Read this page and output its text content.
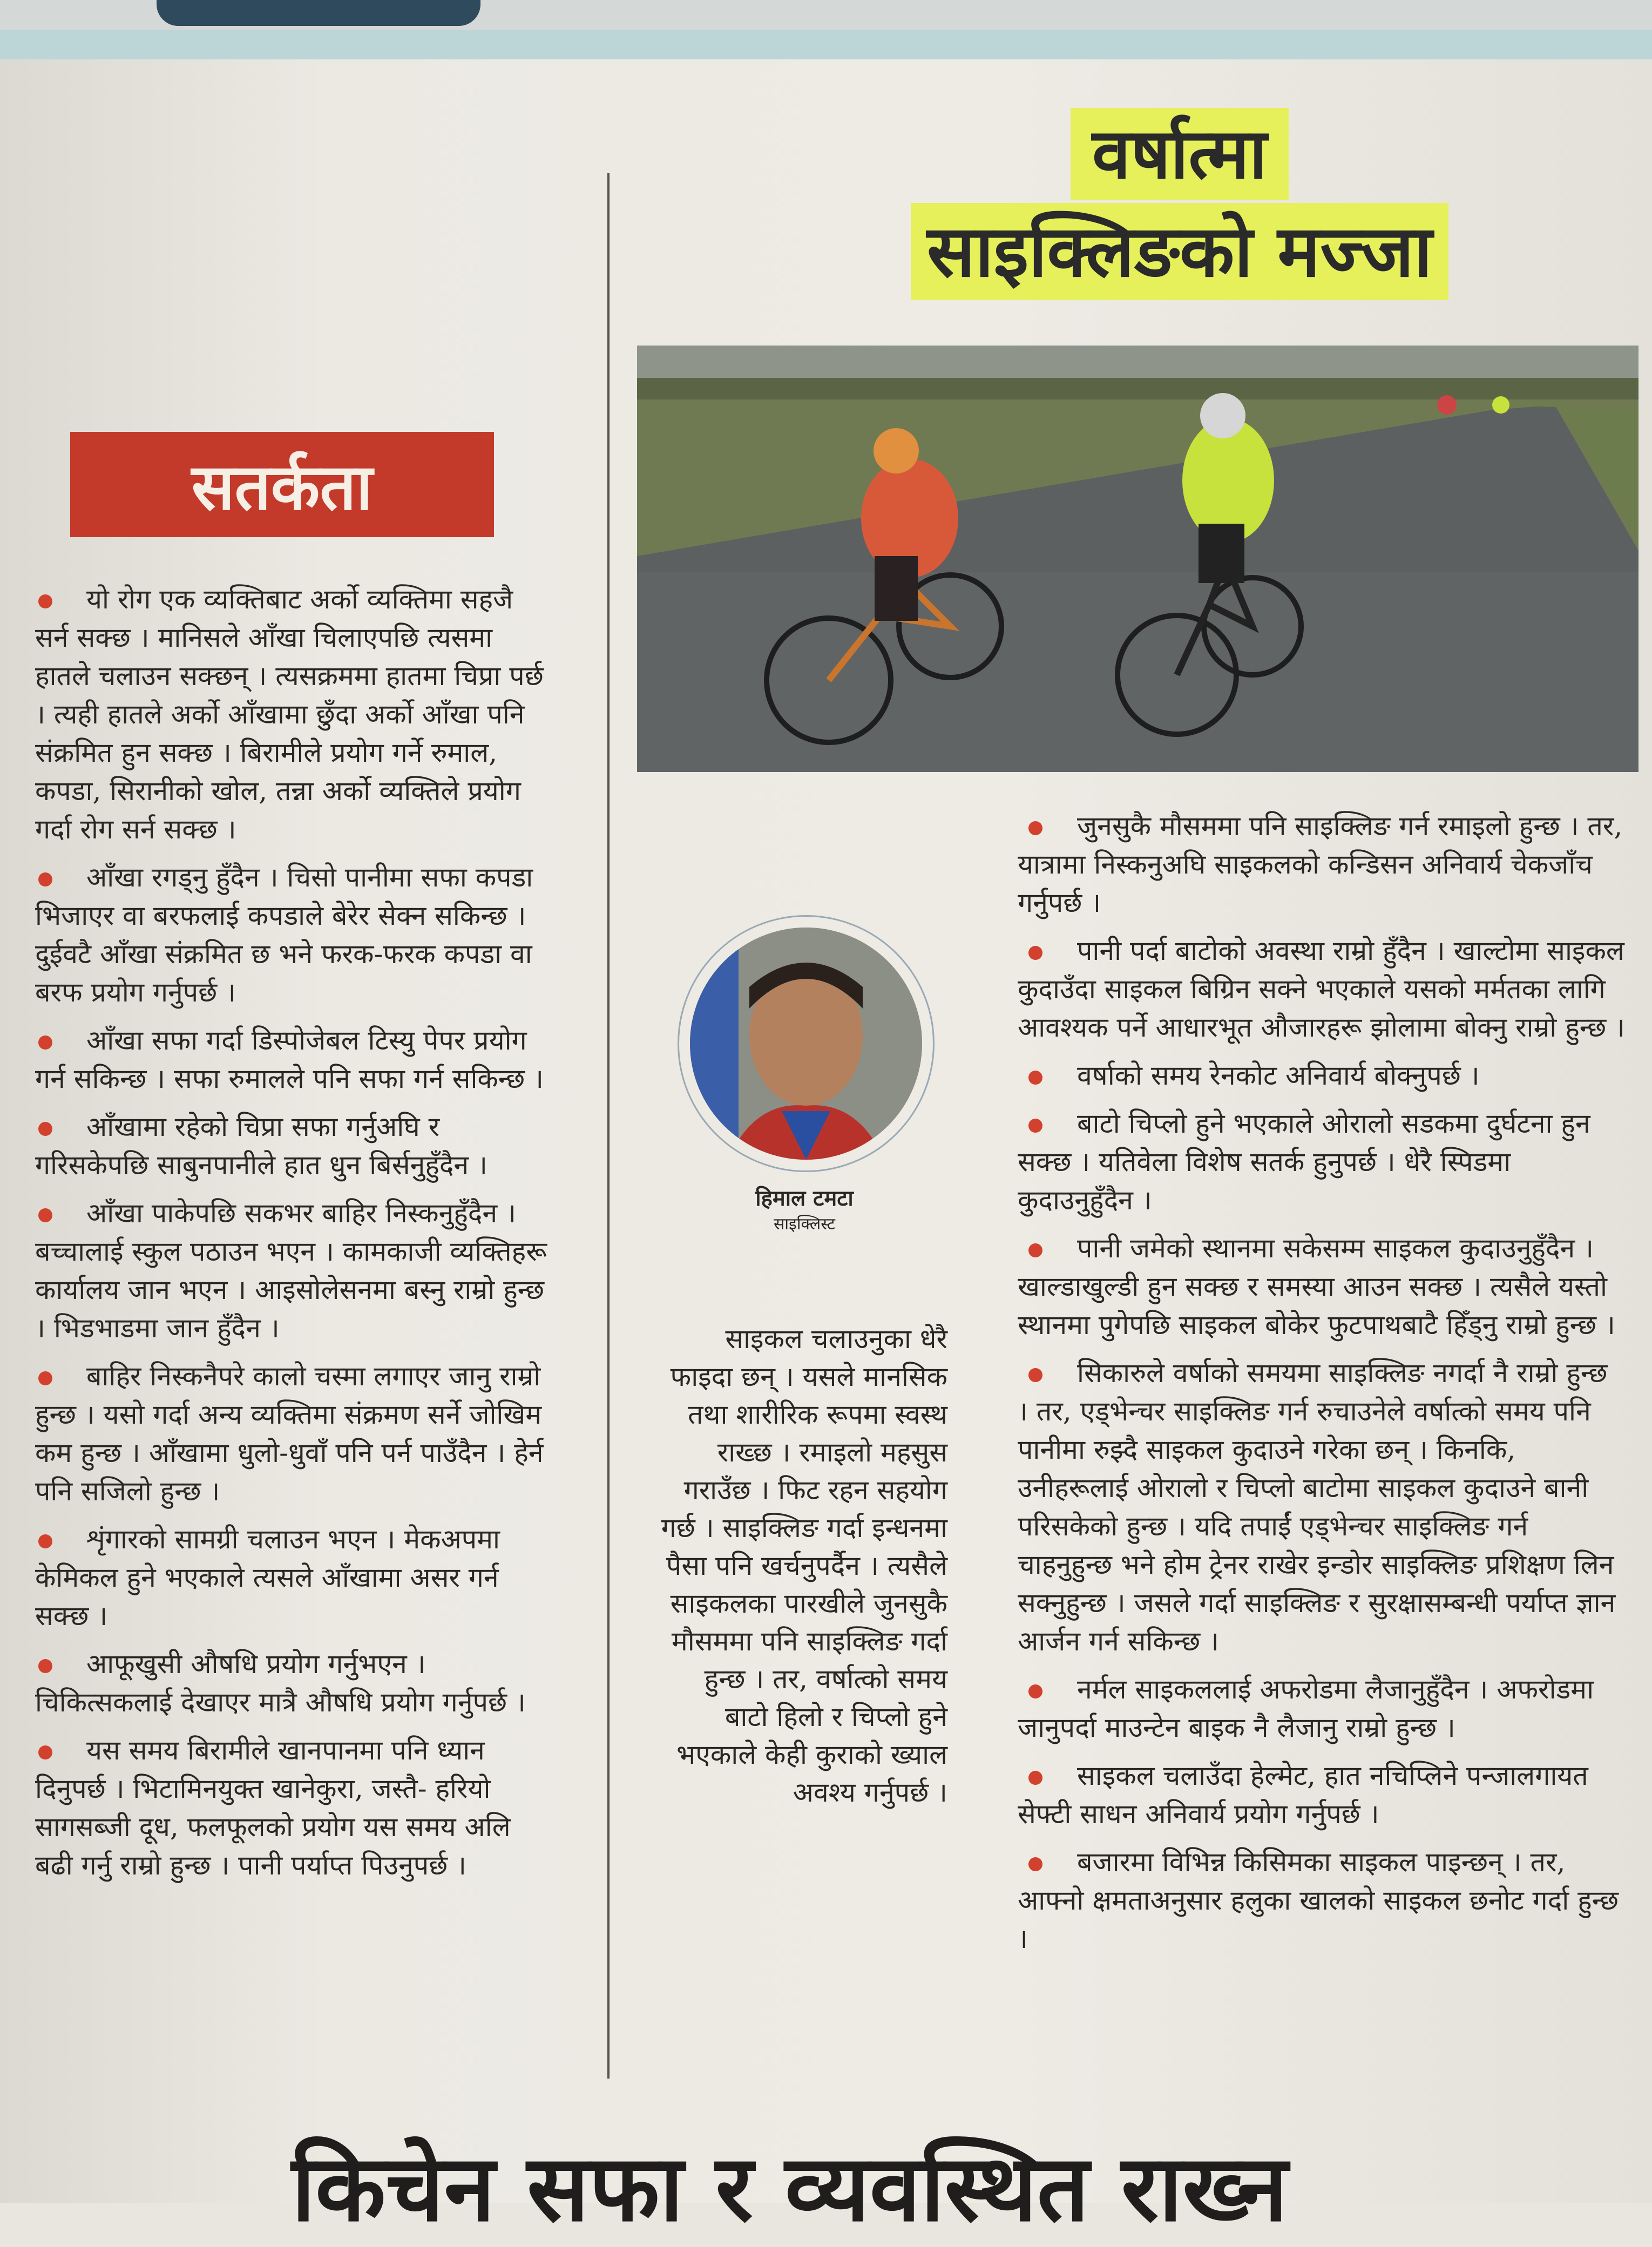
वर्षात्मा
साइक्लिङको मज्जा
सतर्कता
यो रोग एक व्यक्तिबाट अर्को व्यक्तिमा सहजै सर्न सक्छ । मानिसले आँखा चिलाएपछि त्यसमा हातले चलाउन सक्छन् । त्यसक्रममा हातमा चिप्रा पर्छ । त्यही हातले अर्को आँखामा छुँदा अर्को आँखा पनि संक्रमित हुन सक्छ । बिरामीले प्रयोग गर्ने रुमाल, कपडा, सिरानीको खोल, तन्ना अर्को व्यक्तिले प्रयोग गर्दा रोग सर्न सक्छ ।
आँखा रगड्नु हुँदैन । चिसो पानीमा सफा कपडा भिजाएर वा बरफलाई कपडाले बेरेर सेक्न सकिन्छ । दुईवटै आँखा संक्रमित छ भने फरक-फरक कपडा वा बरफ प्रयोग गर्नुपर्छ ।
आँखा सफा गर्दा डिस्पोजेबल टिस्यु पेपर प्रयोग गर्न सकिन्छ । सफा रुमालले पनि सफा गर्न सकिन्छ ।
आँखामा रहेको चिप्रा सफा गर्नुअघि र गरिसकेपछि साबुनपानीले हात धुन बिर्सनुहुँदैन ।
आँखा पाकेपछि सकभर बाहिर निस्कनुहुँदैन । बच्चालाई स्कुल पठाउन भएन । कामकाजी व्यक्तिहरू कार्यालय जान भएन । आइसोलेसनमा बस्नु राम्रो हुन्छ । भिडभाडमा जान हुँदैन ।
बाहिर निस्कनैपरे कालो चस्मा लगाएर जानु राम्रो हुन्छ । यसो गर्दा अन्य व्यक्तिमा संक्रमण सर्ने जोखिम कम हुन्छ । आँखामा धुलो-धुवाँ पनि पर्न पाउँदैन । हेर्न पनि सजिलो हुन्छ ।
शृंगारको सामग्री चलाउन भएन । मेकअपमा केमिकल हुने भएकाले त्यसले आँखामा असर गर्न सक्छ ।
आफूखुसी औषधि प्रयोग गर्नुभएन । चिकित्सकलाई देखाएर मात्रै औषधि प्रयोग गर्नुपर्छ ।
यस समय बिरामीले खानपानमा पनि ध्यान दिनुपर्छ । भिटामिनयुक्त खानेकुरा, जस्तै- हरियो सागसब्जी दूध, फलफूलको प्रयोग यस समय अलि बढी गर्नु राम्रो हुन्छ । पानी पर्याप्त पिउनुपर्छ ।
हिमाल टमटा
साइक्लिस्ट
साइकल चलाउनुका धेरै फाइदा छन् । यसले मानसिक तथा शारीरिक रूपमा स्वस्थ राख्छ । रमाइलो महसुस गराउँछ । फिट रहन सहयोग गर्छ । साइक्लिङ गर्दा इन्धनमा पैसा पनि खर्चनुपर्दैन । त्यसैले साइकलका पारखीले जुनसुकै मौसममा पनि साइक्लिङ गर्दा हुन्छ । तर, वर्षात्को समय बाटो हिलो र चिप्लो हुने भएकाले केही कुराको ख्याल अवश्य गर्नुपर्छ ।
जुनसुकै मौसममा पनि साइक्लिङ गर्न रमाइलो हुन्छ । तर, यात्रामा निस्कनुअघि साइकलको कन्डिसन अनिवार्य चेकजाँच गर्नुपर्छ ।
पानी पर्दा बाटोको अवस्था राम्रो हुँदैन । खाल्टोमा साइकल कुदाउँदा साइकल बिग्रिन सक्ने भएकाले यसको मर्मतका लागि आवश्यक पर्ने आधारभूत औजारहरू झोलामा बोक्नु राम्रो हुन्छ ।
वर्षाको समय रेनकोट अनिवार्य बोक्नुपर्छ ।
बाटो चिप्लो हुने भएकाले ओरालो सडकमा दुर्घटना हुन सक्छ । यतिवेला विशेष सतर्क हुनुपर्छ । धेरै स्पिडमा कुदाउनुहुँदैन ।
पानी जमेको स्थानमा सकेसम्म साइकल कुदाउनुहुँदैन । खाल्डाखुल्डी हुन सक्छ र समस्या आउन सक्छ । त्यसैले यस्तो स्थानमा पुगेपछि साइकल बोकेर फुटपाथबाटै हिँड्नु राम्रो हुन्छ ।
सिकारुले वर्षाको समयमा साइक्लिङ नगर्दा नै राम्रो हुन्छ । तर, एड्भेन्चर साइक्लिङ गर्न रुचाउनेले वर्षात्को समय पनि पानीमा रुझ्दै साइकल कुदाउने गरेका छन् । किनकि, उनीहरूलाई ओरालो र चिप्लो बाटोमा साइकल कुदाउने बानी परिसकेको हुन्छ । यदि तपाईं एड्भेन्चर साइक्लिङ गर्न चाहनुहुन्छ भने होम ट्रेनर राखेर इन्डोर साइक्लिङ प्रशिक्षण लिन सक्नुहुन्छ । जसले गर्दा साइक्लिङ र सुरक्षासम्बन्धी पर्याप्त ज्ञान आर्जन गर्न सकिन्छ ।
नर्मल साइकललाई अफरोडमा लैजानुहुँदैन । अफरोडमा जानुपर्दा माउन्टेन बाइक नै लैजानु राम्रो हुन्छ ।
साइकल चलाउँदा हेल्मेट, हात नचिप्लिने पन्जालगायत सेफ्टी साधन अनिवार्य प्रयोग गर्नुपर्छ ।
बजारमा विभिन्न किसिमका साइकल पाइन्छन् । तर, आफ्नो क्षमताअनुसार हलुका खालको साइकल छनोट गर्दा हुन्छ ।
किचेन सफा र व्यवस्थित राख्न
